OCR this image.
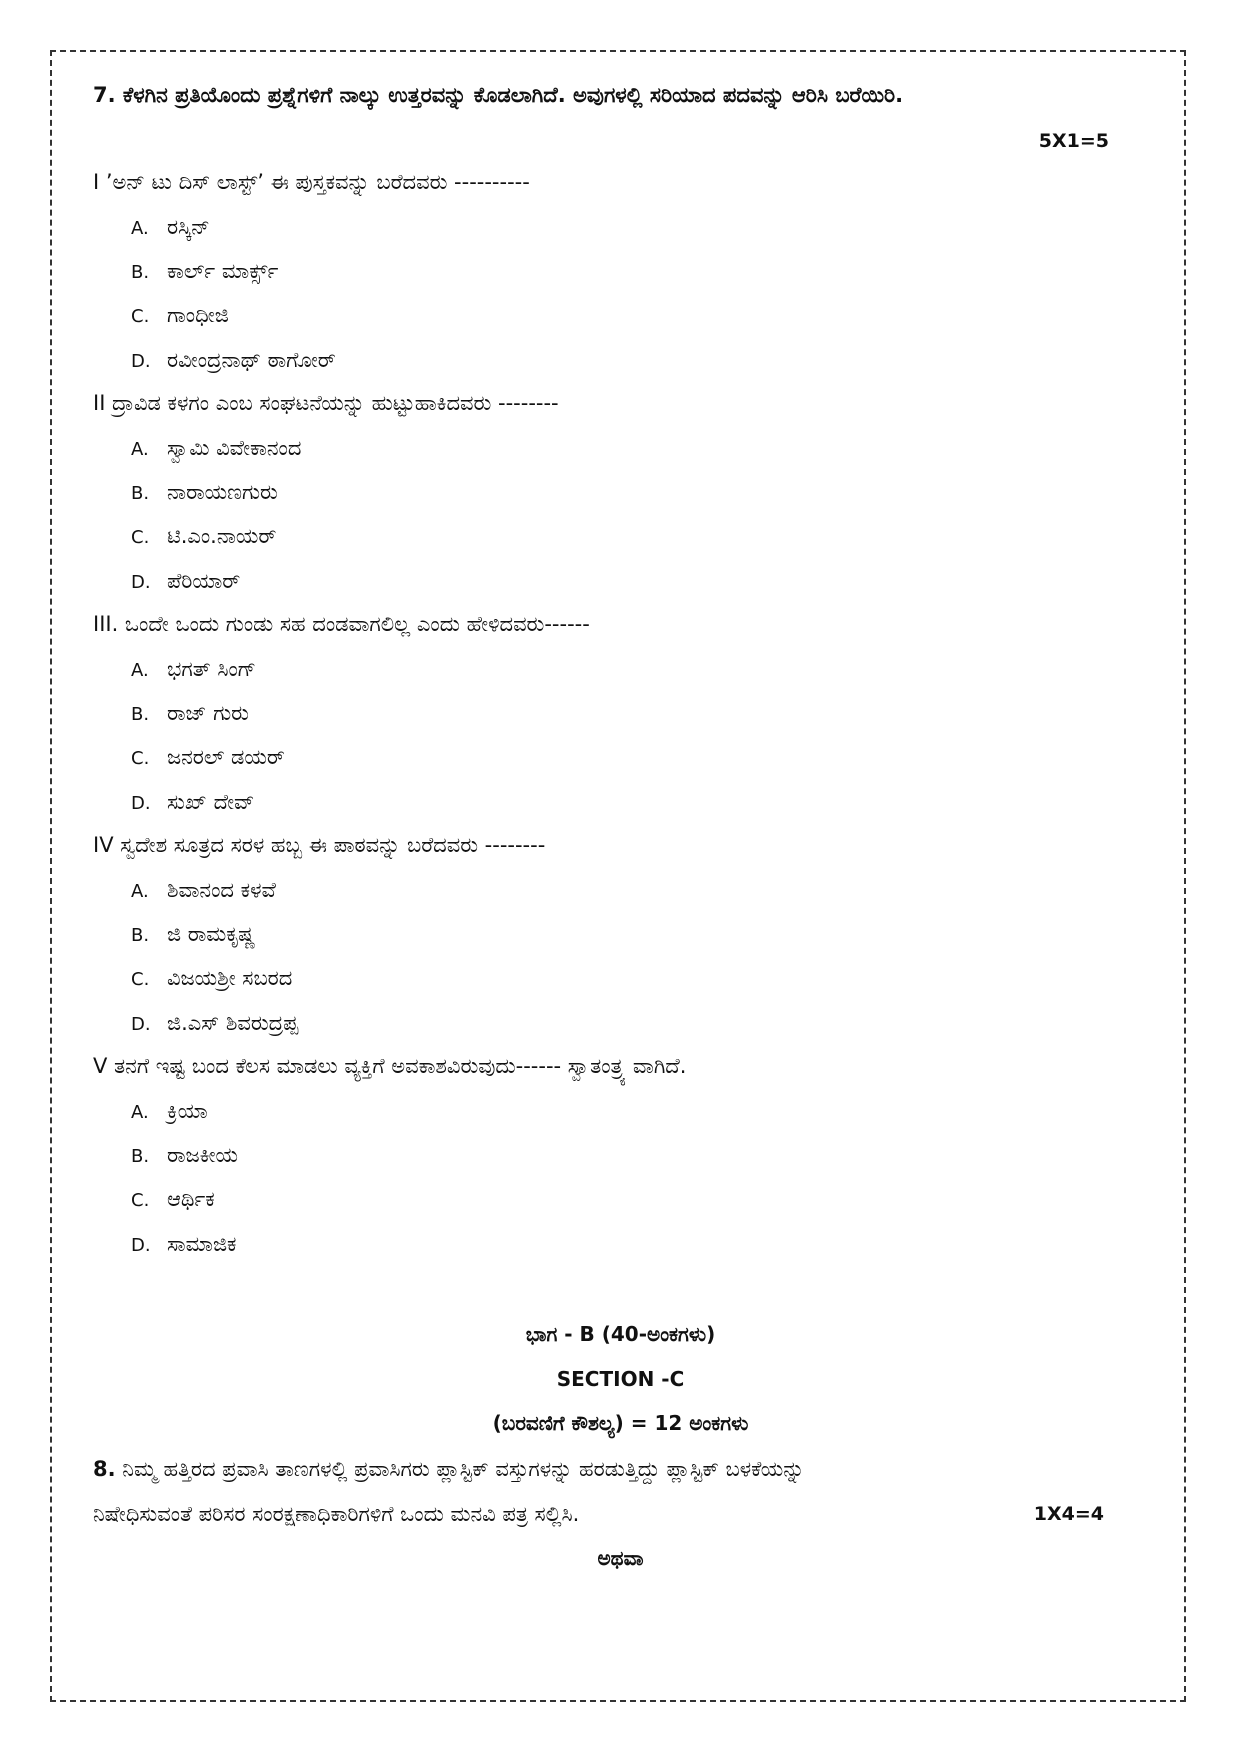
7. ಕೆಳಗಿನ ಪ್ರತಿಯೊಂದು ಪ್ರಶ್ನೆಗಳಿಗೆ ನಾಲ್ಕು ಉತ್ತರವನ್ನು ಕೊಡಲಾಗಿದೆ. ಅವುಗಳಲ್ಲಿ ಸರಿಯಾದ ಪದವನ್ನು ಆರಿಸಿ ಬರೆಯಿರಿ.
5X1=5
I ’ಅನ್ ಟು ದಿಸ್ ಲಾಸ್ಟ್’ ಈ ಪುಸ್ತಕವನ್ನು ಬರೆದವರು ----------
A. ರಸ್ಕಿನ್
B. ಕಾರ್ಲ್ ಮಾರ್ಕ್ಸ್
C. ಗಾಂಧೀಜಿ
D. ರವೀಂದ್ರನಾಥ್ ಠಾಗೋರ್
II ದ್ರಾವಿಡ ಕಳಗಂ ಎಂಬ ಸಂಘಟನೆಯನ್ನು ಹುಟ್ಟುಹಾಕಿದವರು --------
A. ಸ್ವಾಮಿ ವಿವೇಕಾನಂದ
B. ನಾರಾಯಣಗುರು
C. ಟಿ.ಎಂ.ನಾಯರ್
D. ಪೆರಿಯಾರ್
III. ಒಂದೇ ಒಂದು ಗುಂಡು ಸಹ ದಂಡವಾಗಲಿಲ್ಲ ಎಂದು ಹೇಳಿದವರು------
A. ಭಗತ್ ಸಿಂಗ್
B. ರಾಜ್ ಗುರು
C. ಜನರಲ್ ಡಯರ್
D. ಸುಖ್ ದೇವ್
IV ಸ್ವದೇಶ ಸೂತ್ರದ ಸರಳ ಹಬ್ಬ ಈ ಪಾಠವನ್ನು ಬರೆದವರು --------
A. ಶಿವಾನಂದ ಕಳವೆ
B. ಜಿ ರಾಮಕೃಷ್ಣ
C. ವಿಜಯಶ್ರೀ ಸಬರದ
D. ಜಿ.ಎಸ್ ಶಿವರುದ್ರಪ್ಪ
V ತನಗೆ ಇಷ್ಟ ಬಂದ ಕೆಲಸ ಮಾಡಲು ವ್ಯಕ್ತಿಗೆ ಅವಕಾಶವಿರುವುದು------ ಸ್ವಾತಂತ್ರ್ಯ ವಾಗಿದೆ.
A. ಕ್ರಿಯಾ
B. ರಾಜಕೀಯ
C. ಆರ್ಥಿಕ
D. ಸಾಮಾಜಿಕ
ಭಾಗ - B (40-ಅಂಕಗಳು)
SECTION -C
(ಬರವಣಿಗೆ ಕೌಶಲ್ಯ) = 12 ಅಂಕಗಳು
8. ನಿಮ್ಮ ಹತ್ತಿರದ ಪ್ರವಾಸಿ ತಾಣಗಳಲ್ಲಿ ಪ್ರವಾಸಿಗರು ಪ್ಲಾಸ್ಟಿಕ್ ವಸ್ತುಗಳನ್ನು ಹರಡುತ್ತಿದ್ದು ಪ್ಲಾಸ್ಟಿಕ್ ಬಳಕೆಯನ್ನು
ನಿಷೇಧಿಸುವಂತೆ ಪರಿಸರ ಸಂರಕ್ಷಣಾಧಿಕಾರಿಗಳಿಗೆ ಒಂದು ಮನವಿ ಪತ್ರ ಸಲ್ಲಿಸಿ.	1X4=4
ಅಥವಾ
